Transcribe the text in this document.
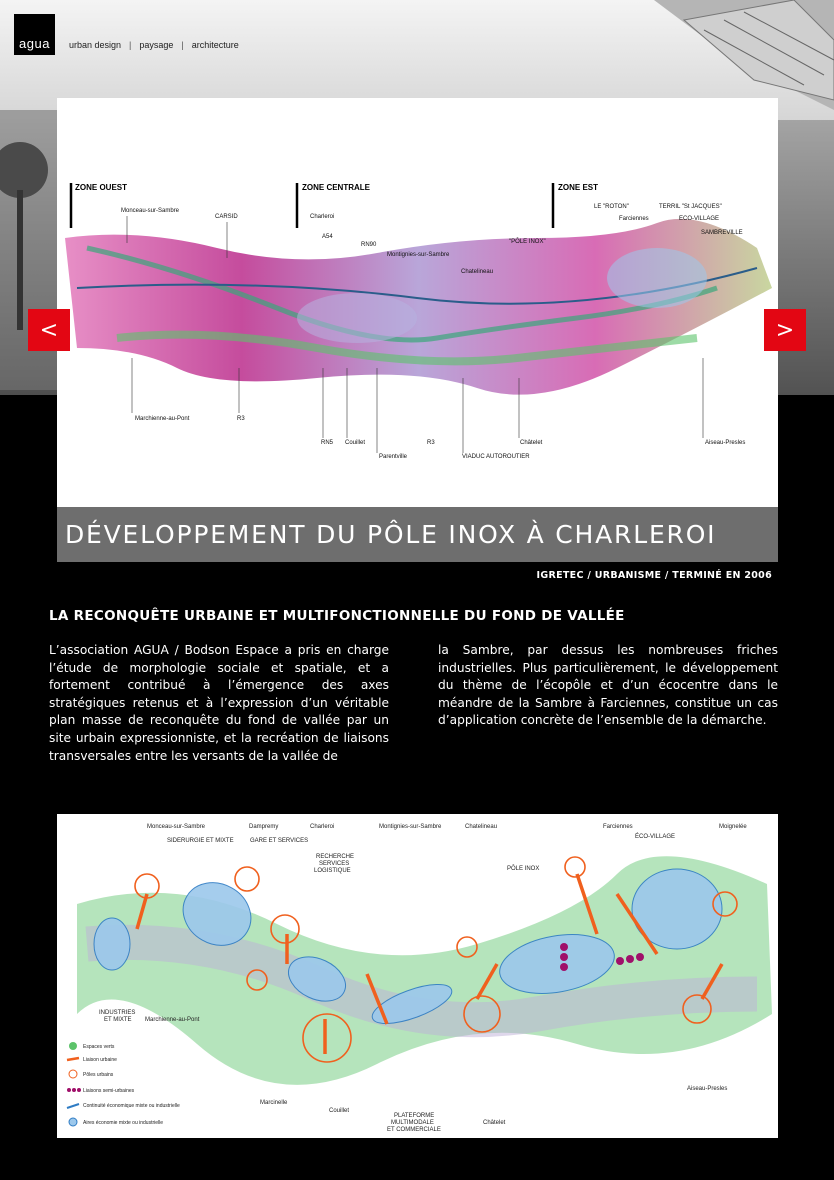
agua urban design | paysage | architecture
ZONE OUEST	ZONE CENTRALE	ZONE EST
Monceau-sur-Sambre
CARSID	Charleroi
A54
RN90
Montignies-sur-Sambre
"PÔLE INOX"
Chatelineau
LE "ROTON"	TERRIL "St JACQUES"
Farciennes	ECO-VILLAGE
SAMBREVILLE
Marchienne-au-Pont	R3
RN5 Couillet
Parentville
R3
VIADUC AUTOROUTIER
Châtelet	Aiseau-Presles
<	>
DÉVELOPPEMENT DU PÔLE INOX À CHARLEROI
IGRETEC / URBANISME / TERMINÉ EN 2006
LA RECONQUÊTE URBAINE ET MULTIFONCTIONNELLE DU FOND DE VALLÉE
L’association AGUA / Bodson Espace a pris en charge l’étude de morphologie sociale et spatiale, et a fortement contribué à l’émergence des axes stratégiques retenus et à l’expression d’un véritable plan masse de reconquête du fond de vallée par un site urbain expressionniste, et la recréation de liaisons transversales entre les versants de la vallée de
la Sambre, par dessus les nombreuses friches industrielles. Plus particulièrement, le développement du thème de l’écopôle et d’un écocentre dans le méandre de la Sambre à Farciennes, constitue un cas d’application concrète de l’ensemble de la démarche.
Monceau-sur-Sambre	Dampremy	Charleroi	Montignies-sur-Sambre	Chatelineau	Farciennes	Moignelée
SIDERURGIE ET MIXTE	GARE ET SERVICES
RECHERCHE
SERVICES
LOGISTIQUE	PÔLE INOX
ÉCO-VILLAGE
INDUSTRIES
ET MIXTE Marchienne-au-Pont
Marcinelle
Couillet
PLATEFORME
MULTIMODALE
ET COMMERCIALE
Châtelet
Aiseau-Presles
Espaces verts
Liaison urbaine
Pôles urbains
Liaisons semi-urbaines
Continuité économique mixte ou industrielle
Aires économie mixte ou industrielle
